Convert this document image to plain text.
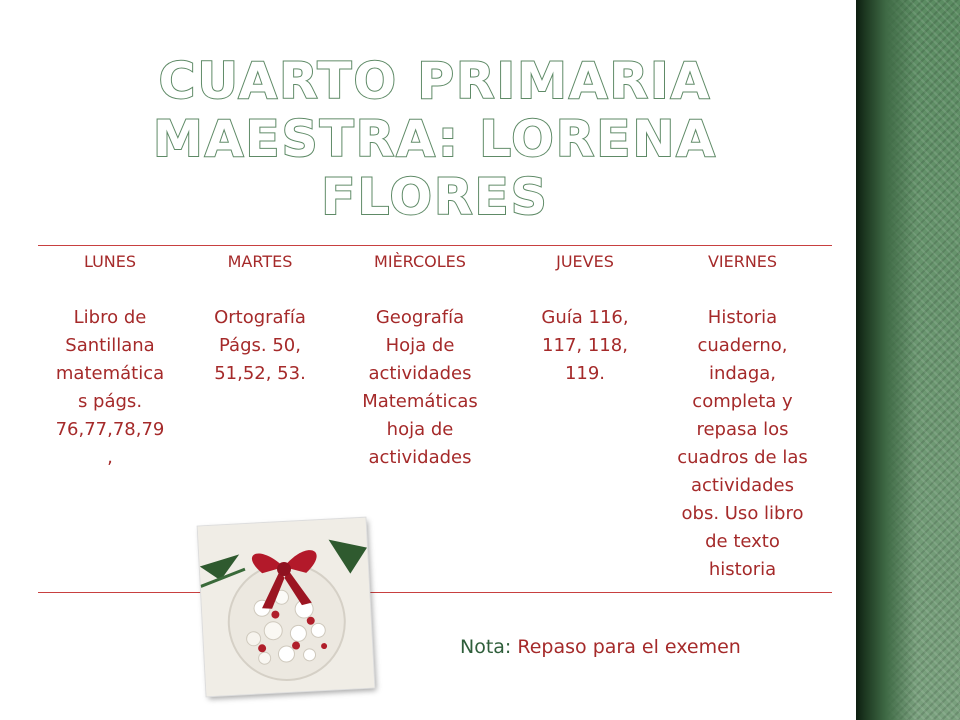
CUARTO PRIMARIA
MAESTRA: LORENA FLORES
LUNES
Libro de
Santillana
matemática
s págs.
76,77,78,79
,
MARTES
Ortografía
Págs. 50,
51,52, 53.
MIÈRCOLES
Geografía
Hoja de
actividades
Matemáticas
hoja de
actividades
JUEVES
Guía 116,
117, 118,
119.
VIERNES
Historia
cuaderno,
indaga,
completa y
repasa los
cuadros de las
actividades
obs. Uso libro
de texto
historia
Nota: Repaso para el exemen
